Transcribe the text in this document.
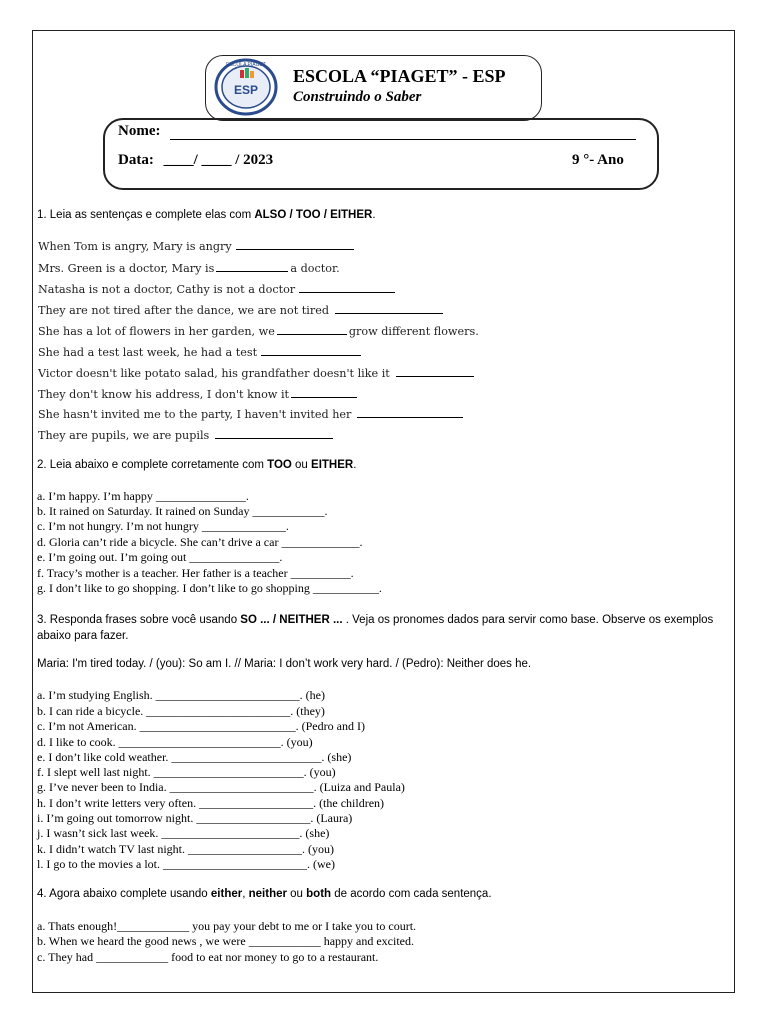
ESP
ESCOLA PIAGET
ESCOLA “PIAGET” - ESP
Construindo o Saber
Nome:
Data: ____/ ____ / 2023	9 °- Ano
1. Leia as sentenças e complete elas com ALSO / TOO / EITHER.
When Tom is angry, Mary is angry
Mrs. Green is a doctor, Mary is	a doctor.
Natasha is not a doctor, Cathy is not a doctor
They are not tired after the dance, we are not tired
She has a lot of flowers in her garden, we	grow different flowers.
She had a test last week, he had a test
Victor doesn't like potato salad, his grandfather doesn't like it
They don't know his address, I don't know it
She hasn't invited me to the party, I haven't invited her
They are pupils, we are pupils
2. Leia abaixo e complete corretamente com TOO ou EITHER.
a. I’m happy. I’m happy _______________.
b. It rained on Saturday. It rained on Sunday ____________.
c. I’m not hungry. I’m not hungry ______________.
d. Gloria can’t ride a bicycle. She can’t drive a car _____________.
e. I’m going out. I’m going out _______________.
f. Tracy’s mother is a teacher. Her father is a teacher __________.
g. I don’t like to go shopping. I don’t like to go shopping ___________.
3. Responda frases sobre você usando SO ... / NEITHER ... . Veja os pronomes dados para servir como base. Observe os exemplos abaixo para fazer.
Maria: I'm tired today. / (you): So am I. // Maria: I don’t work very hard. / (Pedro): Neither does he.
a. I’m studying English. ________________________. (he)
b. I can ride a bicycle. ________________________. (they)
c. I’m not American. __________________________. (Pedro and I)
d. I like to cook. ___________________________. (you)
e. I don’t like cold weather. _________________________. (she)
f. I slept well last night. _________________________. (you)
g. I’ve never been to India. ________________________. (Luiza and Paula)
h. I don’t write letters very often. ___________________. (the children)
i. I’m going out tomorrow night. ___________________. (Laura)
j. I wasn’t sick last week. _______________________. (she)
k. I didn’t watch TV last night. ___________________. (you)
l. I go to the movies a lot. ________________________. (we)
4. Agora abaixo complete usando either, neither ou both de acordo com cada sentença.
a. Thats enough!____________ you pay your debt to me or I take you to court.
b. When we heard the good news , we were ____________ happy and excited.
c. They had ____________ food to eat nor money to go to a restaurant.
